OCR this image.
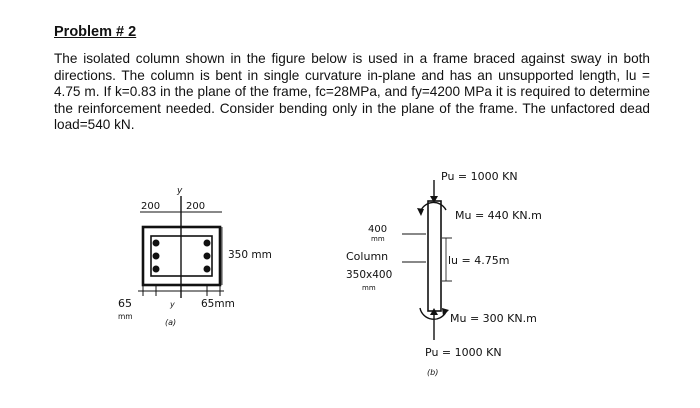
Problem # 2
The isolated column shown in the figure below is used in a frame braced against sway in both directions. The column is bent in single curvature in-plane and has an unsupported length, lu = 4.75 m. If k=0.83 in the plane of the frame, fc=28MPa, and fy=4200 MPa it is required to determine the reinforcement needed. Consider bending only in the plane of the frame. The unfactored dead load=540 kN.
y
200	200
350 mm
65
mm
y	65mm
(a)
Pu = 1000 KN
Mu = 440 KN.m
400
mm
Column
350x400
mm
lu = 4.75m
Mu = 300 KN.m
Pu = 1000 KN
(b)
